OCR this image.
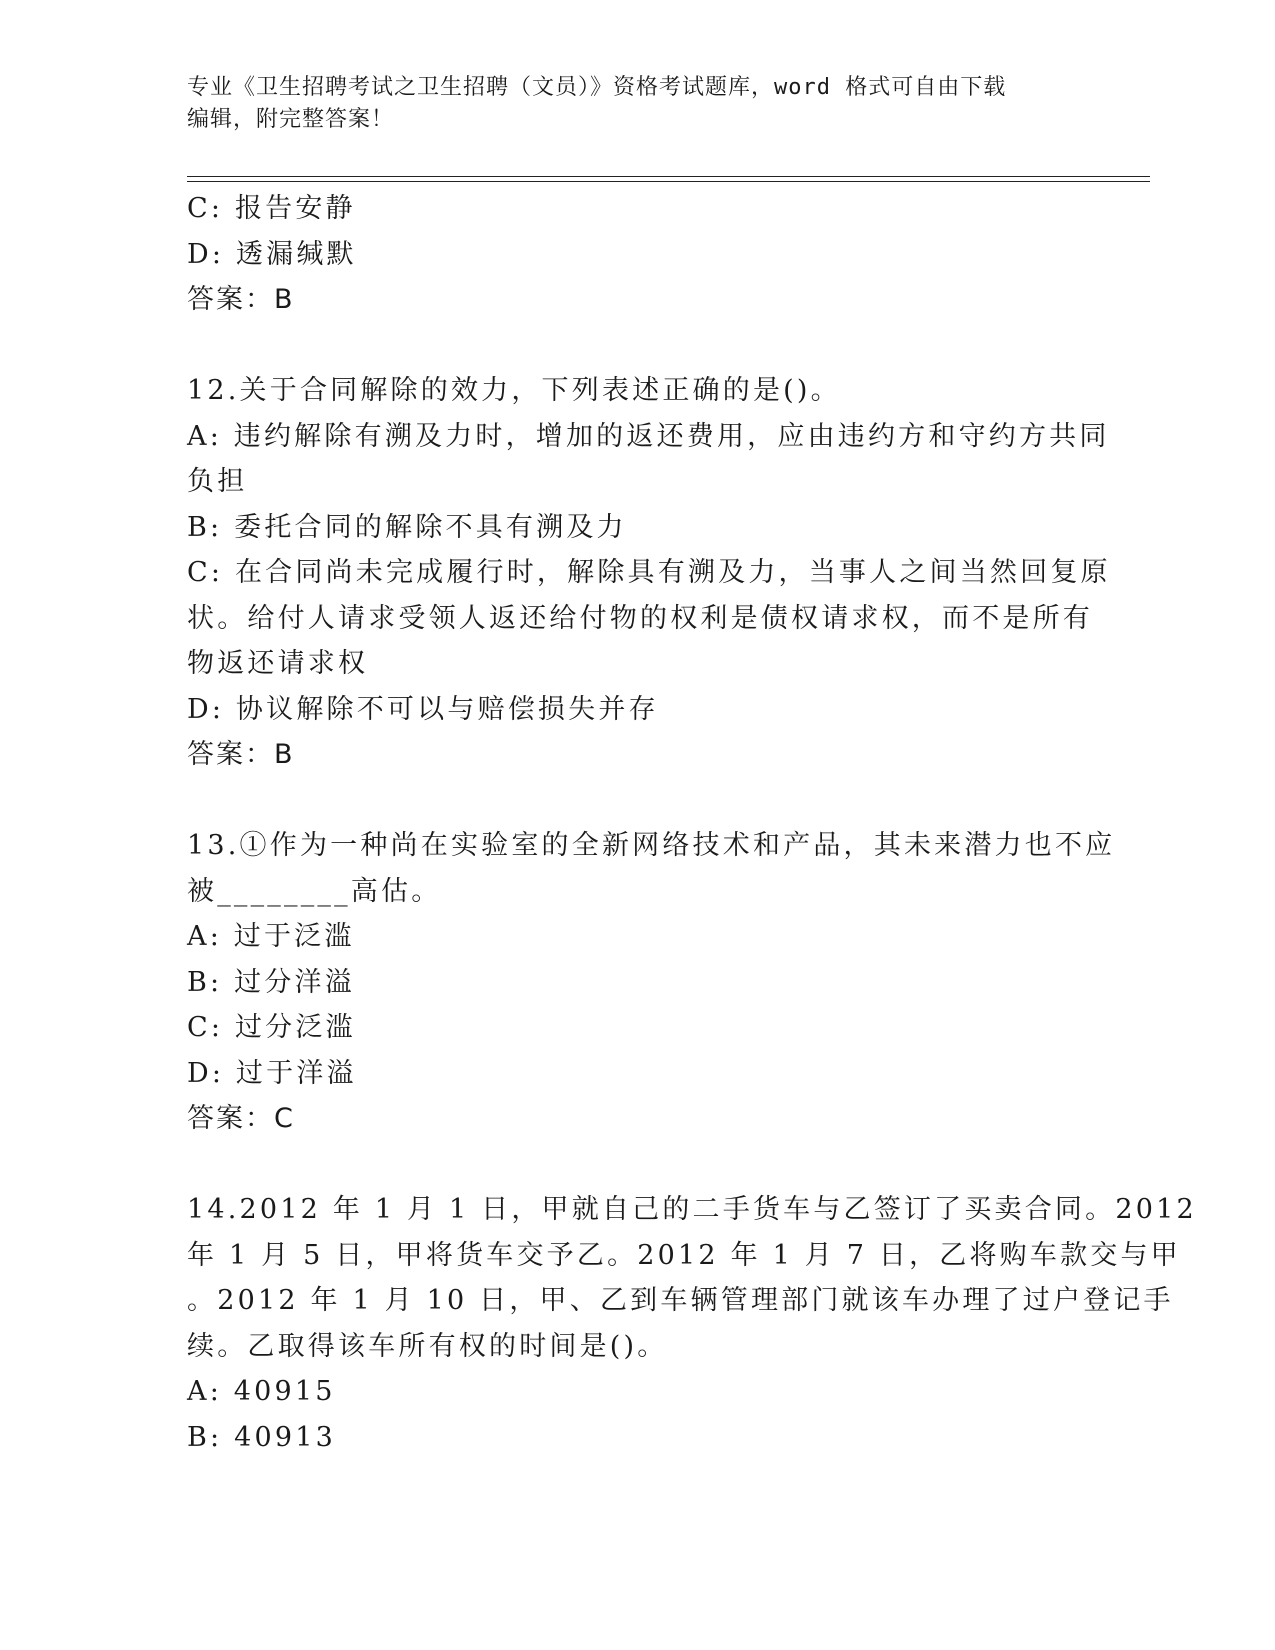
专业《卫生招聘考试之卫生招聘（文员）》资格考试题库，word 格式可自由下载
编辑，附完整答案！
C: 报告安静
D: 透漏缄默
答案：B
12.关于合同解除的效力，下列表述正确的是()。
A: 违约解除有溯及力时，增加的返还费用，应由违约方和守约方共同
负担
B: 委托合同的解除不具有溯及力
C: 在合同尚未完成履行时，解除具有溯及力，当事人之间当然回复原
状。给付人请求受领人返还给付物的权利是债权请求权，而不是所有
物返还请求权
D: 协议解除不可以与赔偿损失并存
答案：B
13.①作为一种尚在实验室的全新网络技术和产品，其未来潜力也不应
被________高估。
A: 过于泛滥
B: 过分洋溢
C: 过分泛滥
D: 过于洋溢
答案：C
14.2012 年 1 月 1 日，甲就自己的二手货车与乙签订了买卖合同。2012
年 1 月 5 日，甲将货车交予乙。2012 年 1 月 7 日，乙将购车款交与甲
。2012 年 1 月 10 日，甲、乙到车辆管理部门就该车办理了过户登记手
续。乙取得该车所有权的时间是()。
A: 40915
B: 40913
